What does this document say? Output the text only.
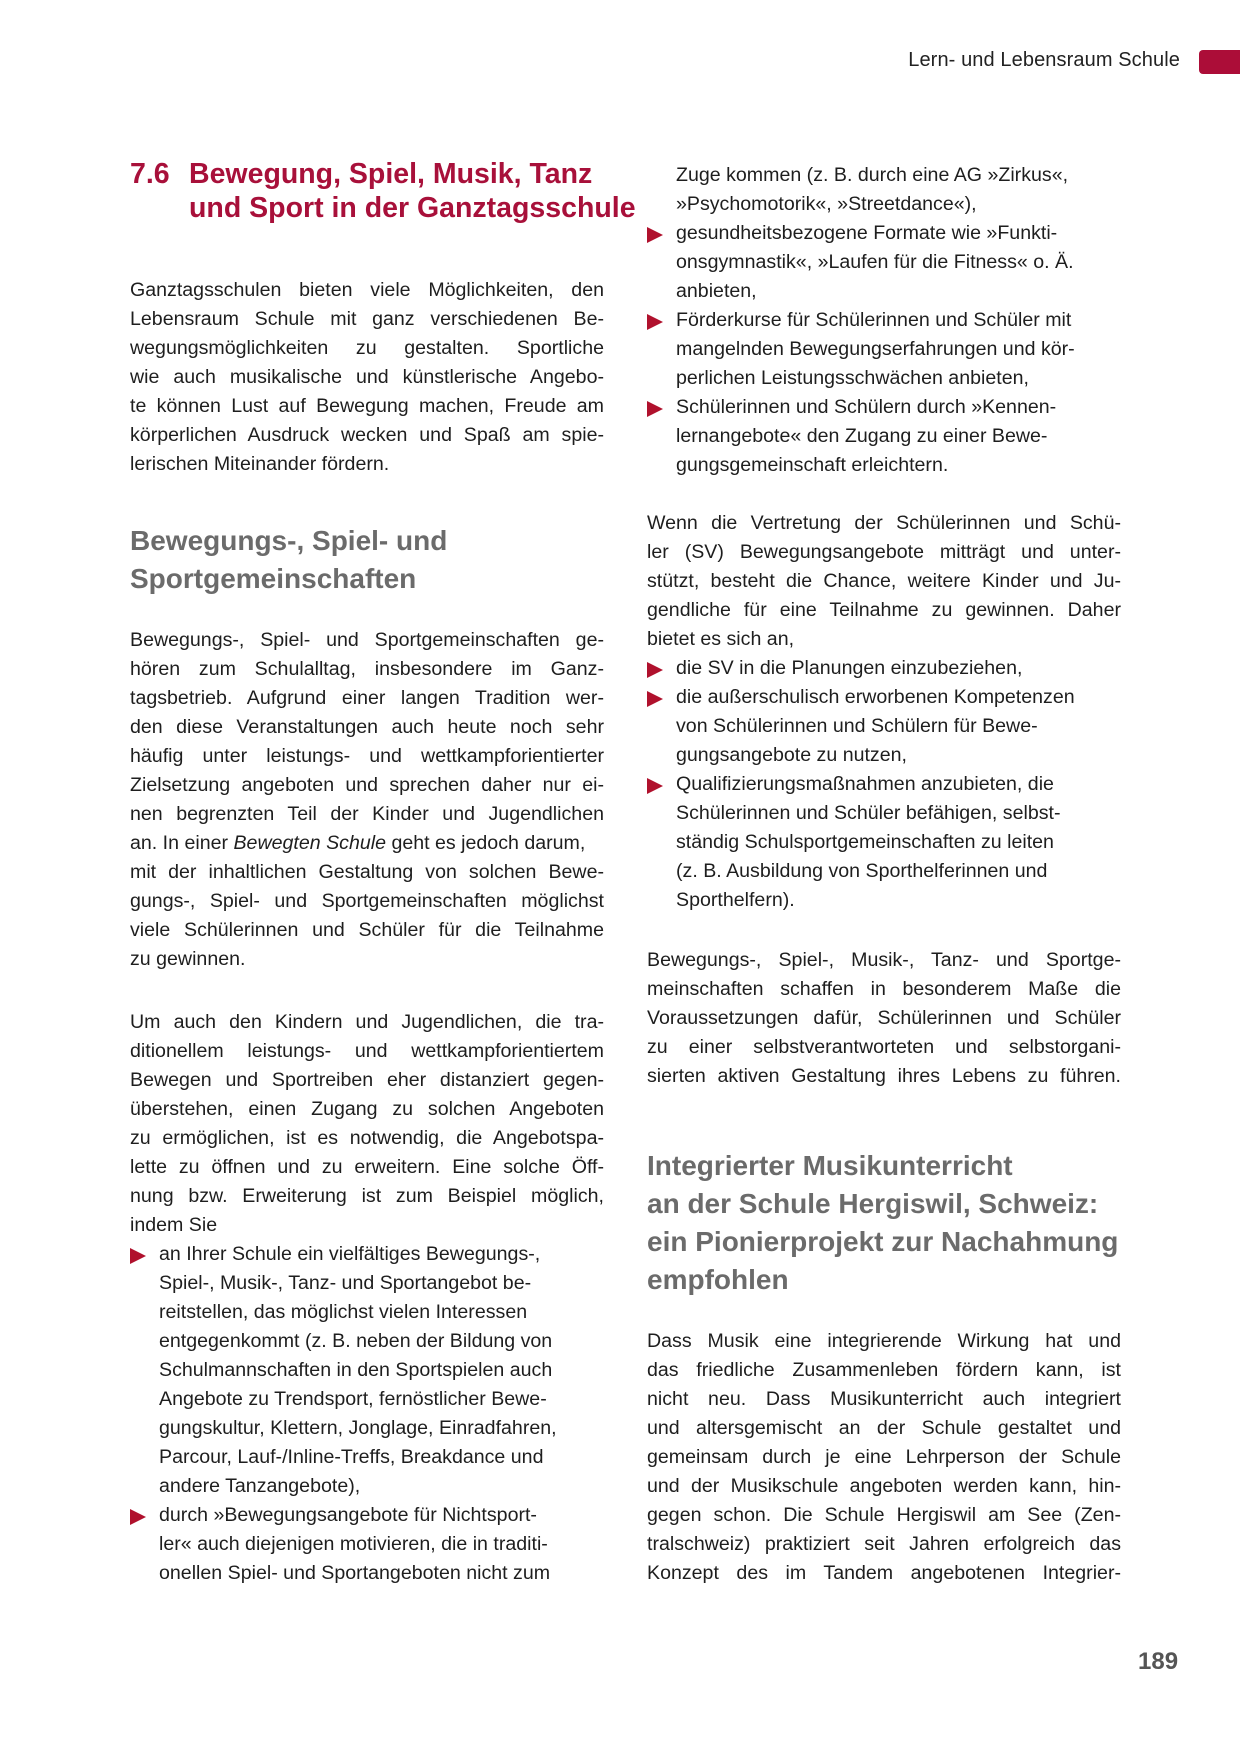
Lern- und Lebensraum Schule
7.6 Bewegung, Spiel, Musik, Tanz
und Sport in der Ganztagsschule
Ganztagsschulen bieten viele Möglichkeiten, den
Lebensraum Schule mit ganz verschiedenen Be-
wegungsmöglichkeiten zu gestalten. Sportliche
wie auch musikalische und künstlerische Angebo-
te können Lust auf Bewegung machen, Freude am
körperlichen Ausdruck wecken und Spaß am spie-
lerischen Miteinander fördern.
Bewegungs-, Spiel- und
Sportgemeinschaften
Bewegungs-, Spiel- und Sportgemeinschaften ge-
hören zum Schulalltag, insbesondere im Ganz-
tagsbetrieb. Aufgrund einer langen Tradition wer-
den diese Veranstaltungen auch heute noch sehr
häufig unter leistungs- und wettkampforientierter
Zielsetzung angeboten und sprechen daher nur ei-
nen begrenzten Teil der Kinder und Jugendlichen
an. In einer Bewegten Schule geht es jedoch darum,
mit der inhaltlichen Gestaltung von solchen Bewe-
gungs-, Spiel- und Sportgemeinschaften möglichst
viele Schülerinnen und Schüler für die Teilnahme
zu gewinnen.
Um auch den Kindern und Jugendlichen, die tra-
ditionellem leistungs- und wettkampforientiertem
Bewegen und Sportreiben eher distanziert gegen-
überstehen, einen Zugang zu solchen Angeboten
zu ermöglichen, ist es notwendig, die Angebotspa-
lette zu öffnen und zu erweitern. Eine solche Öff-
nung bzw. Erweiterung ist zum Beispiel möglich,
indem Sie
an Ihrer Schule ein vielfältiges Bewegungs-,
Spiel-, Musik-, Tanz- und Sportangebot be-
reitstellen, das möglichst vielen Interessen
entgegenkommt (z. B. neben der Bildung von
Schulmannschaften in den Sportspielen auch
Angebote zu Trendsport, fernöstlicher Bewe-
gungskultur, Klettern, Jonglage, Einradfahren,
Parcour, Lauf-/Inline-Treffs, Breakdance und
andere Tanzangebote),
durch »Bewegungsangebote für Nichtsport-
ler« auch diejenigen motivieren, die in traditi-
onellen Spiel- und Sportangeboten nicht zum
Zuge kommen (z. B. durch eine AG »Zirkus«,
»Psychomotorik«, »Streetdance«),
gesundheitsbezogene Formate wie »Funkti-
onsgymnastik«, »Laufen für die Fitness« o. Ä.
anbieten,
Förderkurse für Schülerinnen und Schüler mit
mangelnden Bewegungserfahrungen und kör-
perlichen Leistungsschwächen anbieten,
Schülerinnen und Schülern durch »Kennen-
lernangebote« den Zugang zu einer Bewe-
gungsgemeinschaft erleichtern.
Wenn die Vertretung der Schülerinnen und Schü-
ler (SV) Bewegungsangebote mitträgt und unter-
stützt, besteht die Chance, weitere Kinder und Ju-
gendliche für eine Teilnahme zu gewinnen. Daher
bietet es sich an,
die SV in die Planungen einzubeziehen,
die außerschulisch erworbenen Kompetenzen
von Schülerinnen und Schülern für Bewe-
gungsangebote zu nutzen,
Qualifizierungsmaßnahmen anzubieten, die
Schülerinnen und Schüler befähigen, selbst-
ständig Schulsportgemeinschaften zu leiten
(z. B. Ausbildung von Sporthelferinnen und
Sporthelfern).
Bewegungs-, Spiel-, Musik-, Tanz- und Sportge-
meinschaften schaffen in besonderem Maße die
Voraussetzungen dafür, Schülerinnen und Schüler
zu einer selbstverantworteten und selbstorgani-
sierten aktiven Gestaltung ihres Lebens zu führen.
Integrierter Musikunterricht
an der Schule Hergiswil, Schweiz:
ein Pionierprojekt zur Nachahmung
empfohlen
Dass Musik eine integrierende Wirkung hat und
das friedliche Zusammenleben fördern kann, ist
nicht neu. Dass Musikunterricht auch integriert
und altersgemischt an der Schule gestaltet und
gemeinsam durch je eine Lehrperson der Schule
und der Musikschule angeboten werden kann, hin-
gegen schon. Die Schule Hergiswil am See (Zen-
tralschweiz) praktiziert seit Jahren erfolgreich das
Konzept des im Tandem angebotenen Integrier-
189
